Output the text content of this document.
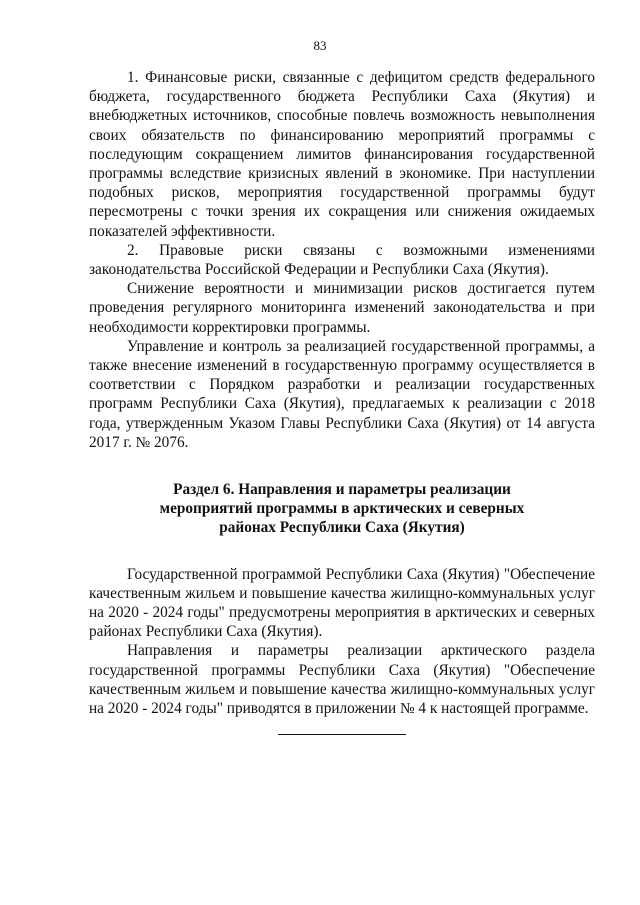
83

1. Финансовые риски, связанные с дефицитом средств федерального бюджета, государственного бюджета Республики Саха (Якутия) и внебюджетных источников, способные повлечь возможность невыполнения своих обязательств по финансированию мероприятий программы с последующим сокращением лимитов финансирования государственной программы вследствие кризисных явлений в экономике. При наступлении подобных рисков, мероприятия государственной программы будут пересмотрены с точки зрения их сокращения или снижения ожидаемых показателей эффективности.

2. Правовые риски связаны с возможными изменениями законодательства Российской Федерации и Республики Саха (Якутия).

Снижение вероятности и минимизации рисков достигается путем проведения регулярного мониторинга изменений законодательства и при необходимости корректировки программы.

Управление и контроль за реализацией государственной программы, а также внесение изменений в государственную программу осуществляется в соответствии с Порядком разработки и реализации государственных программ Республики Саха (Якутия), предлагаемых к реализации с 2018 года, утвержденным Указом Главы Республики Саха (Якутия) от 14 августа 2017 г. № 2076.

Раздел 6. Направления и параметры реализации
мероприятий программы в арктических и северных
районах Республики Саха (Якутия)

Государственной программой Республики Саха (Якутия) "Обеспечение качественным жильем и повышение качества жилищно-коммунальных услуг на 2020 - 2024 годы" предусмотрены мероприятия в арктических и северных районах Республики Саха (Якутия).

Направления и параметры реализации арктического раздела государственной программы Республики Саха (Якутия) "Обеспечение качественным жильем и повышение качества жилищно-коммунальных услуг на 2020 - 2024 годы" приводятся в приложении № 4 к настоящей программе.
